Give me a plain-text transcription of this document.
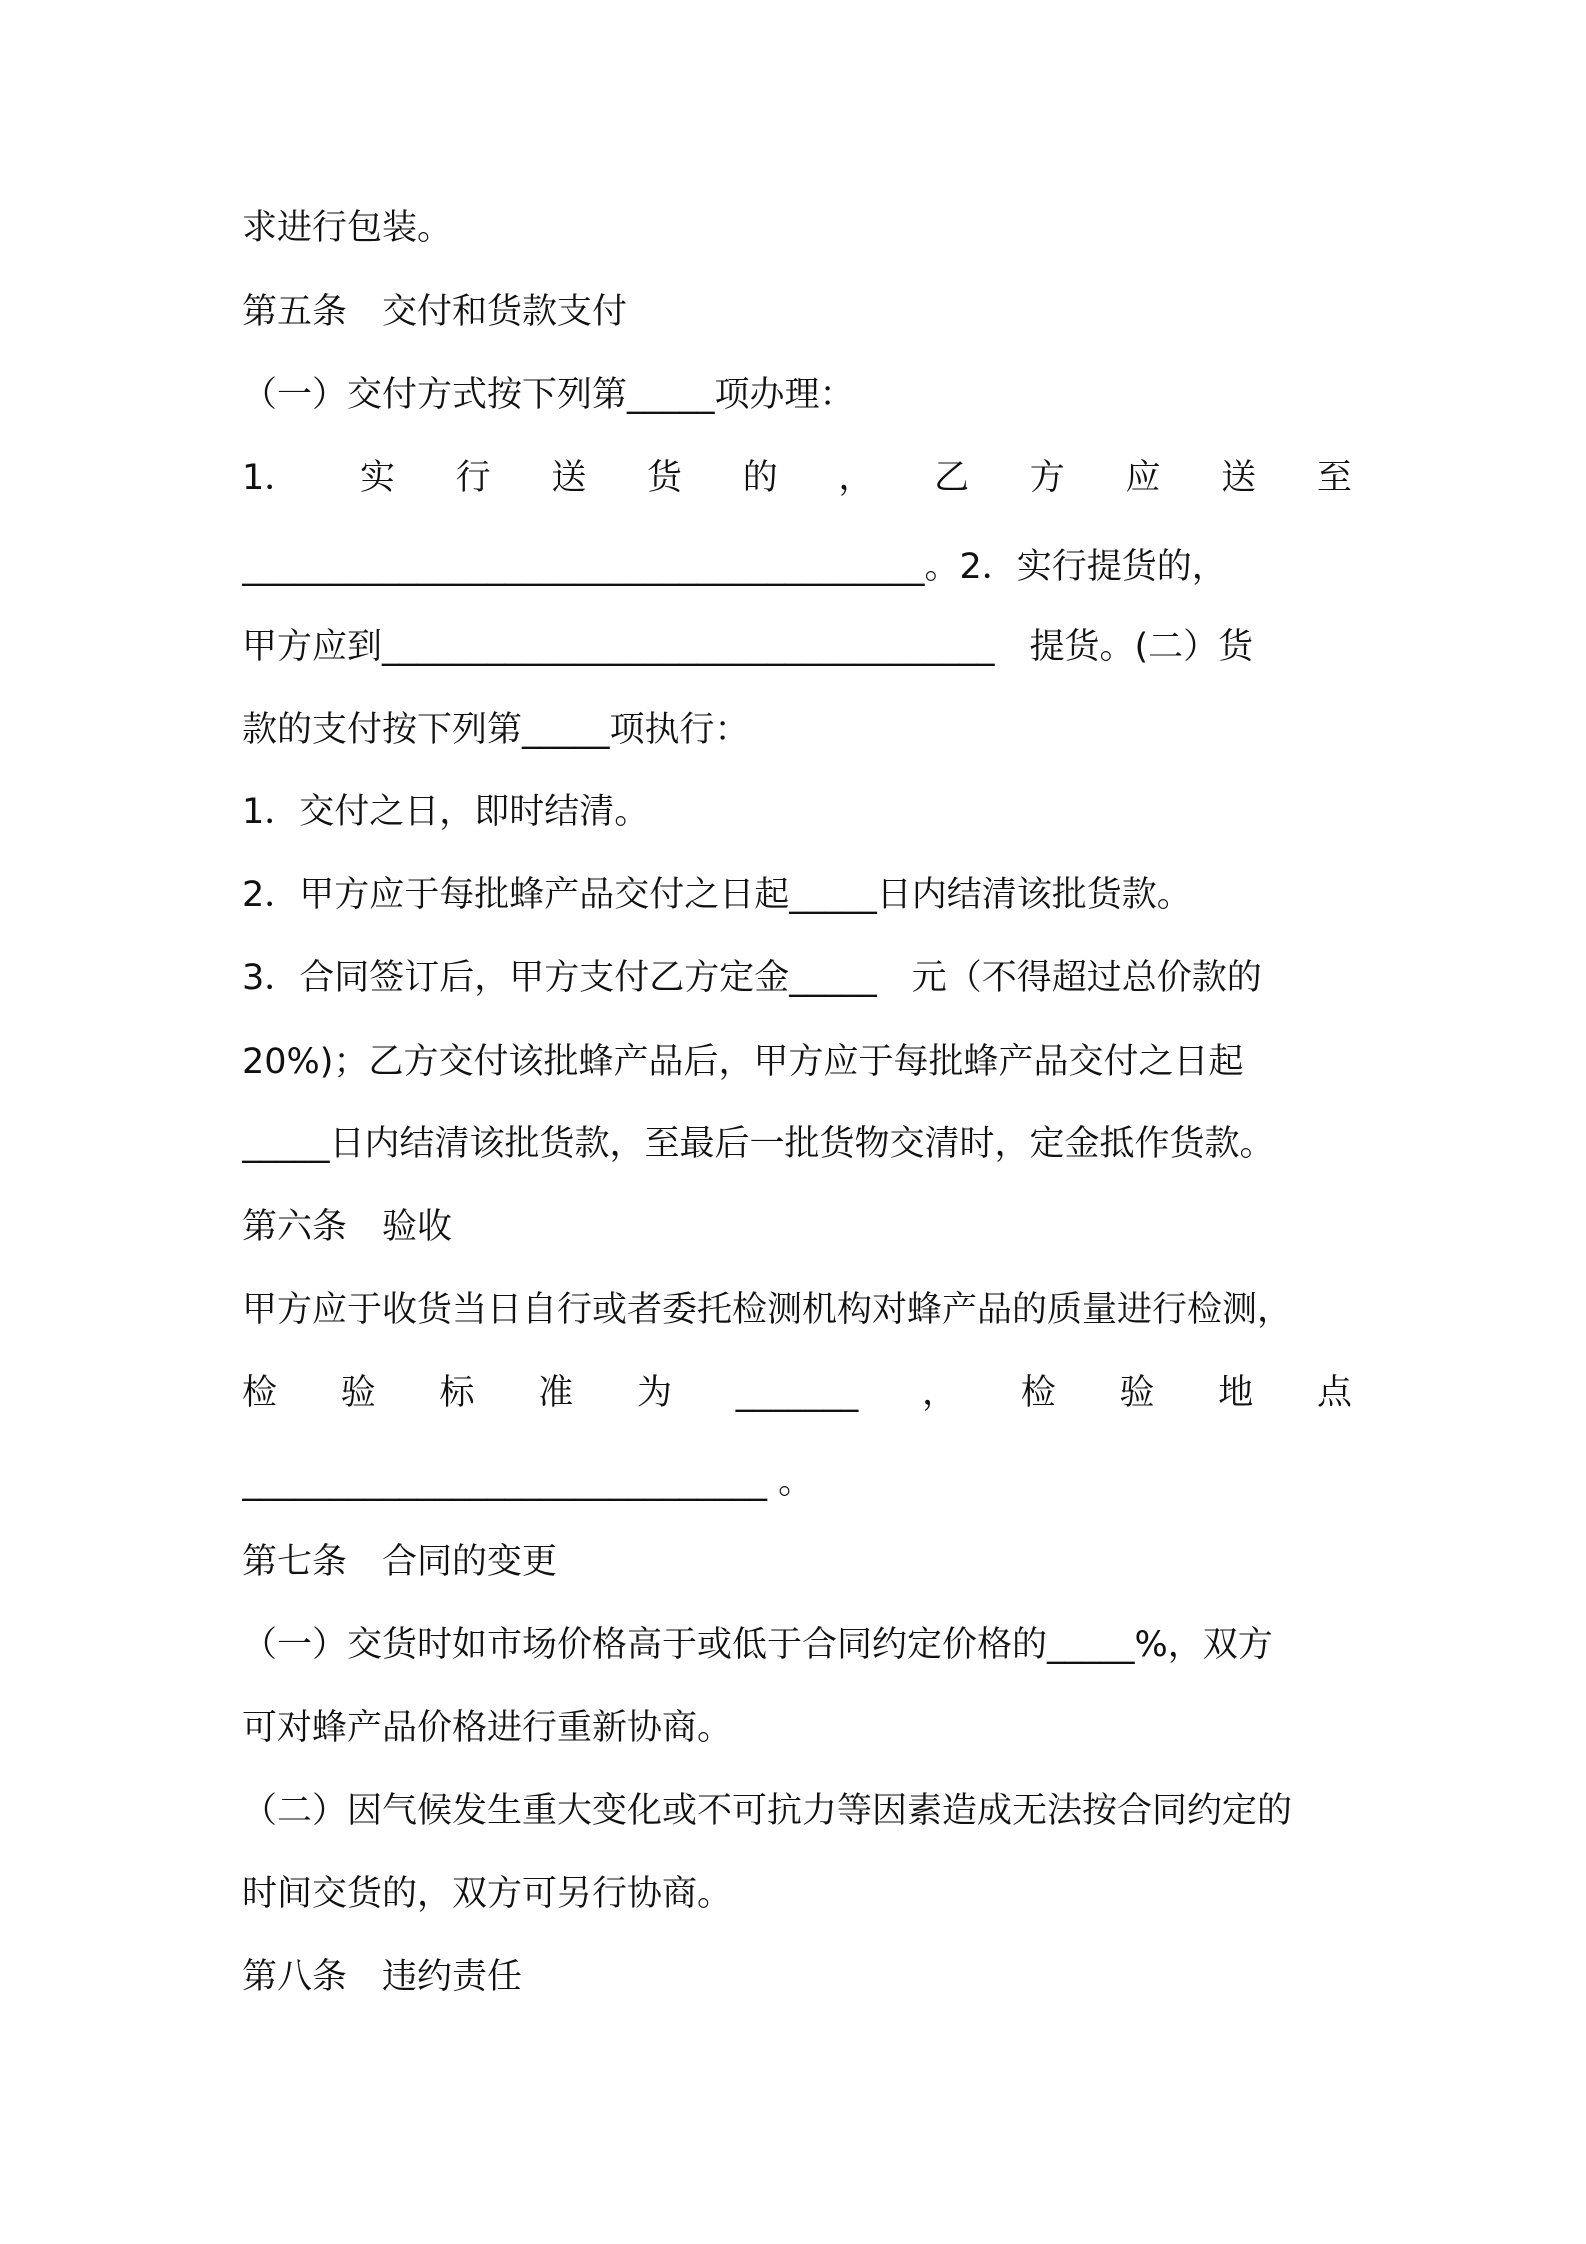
求进行包装。

第五条　交付和货款支付

（一）交付方式按下列第_____项办理：

1． 实 行 送 货 的 ， 乙 方 应 送 至

_______________________________________。2．实行提货的，

甲方应到___________________________________　提货。(二）货

款的支付按下列第_____项执行：

1．交付之日，即时结清。

2．甲方应于每批蜂产品交付之日起_____日内结清该批货款。

3．合同签订后，甲方支付乙方定金_____　元（不得超过总价款的

20%)；乙方交付该批蜂产品后，甲方应于每批蜂产品交付之日起

_____日内结清该批货款，至最后一批货物交清时，定金抵作货款。

第六条　验收

甲方应于收货当日自行或者委托检测机构对蜂产品的质量进行检测，

检 验 标 准 为 _______ ， 检 验 地 点

______________________________ 。

第七条　合同的变更

（一）交货时如市场价格高于或低于合同约定价格的_____%，双方

可对蜂产品价格进行重新协商。

（二）因气候发生重大变化或不可抗力等因素造成无法按合同约定的

时间交货的，双方可另行协商。

第八条　违约责任
